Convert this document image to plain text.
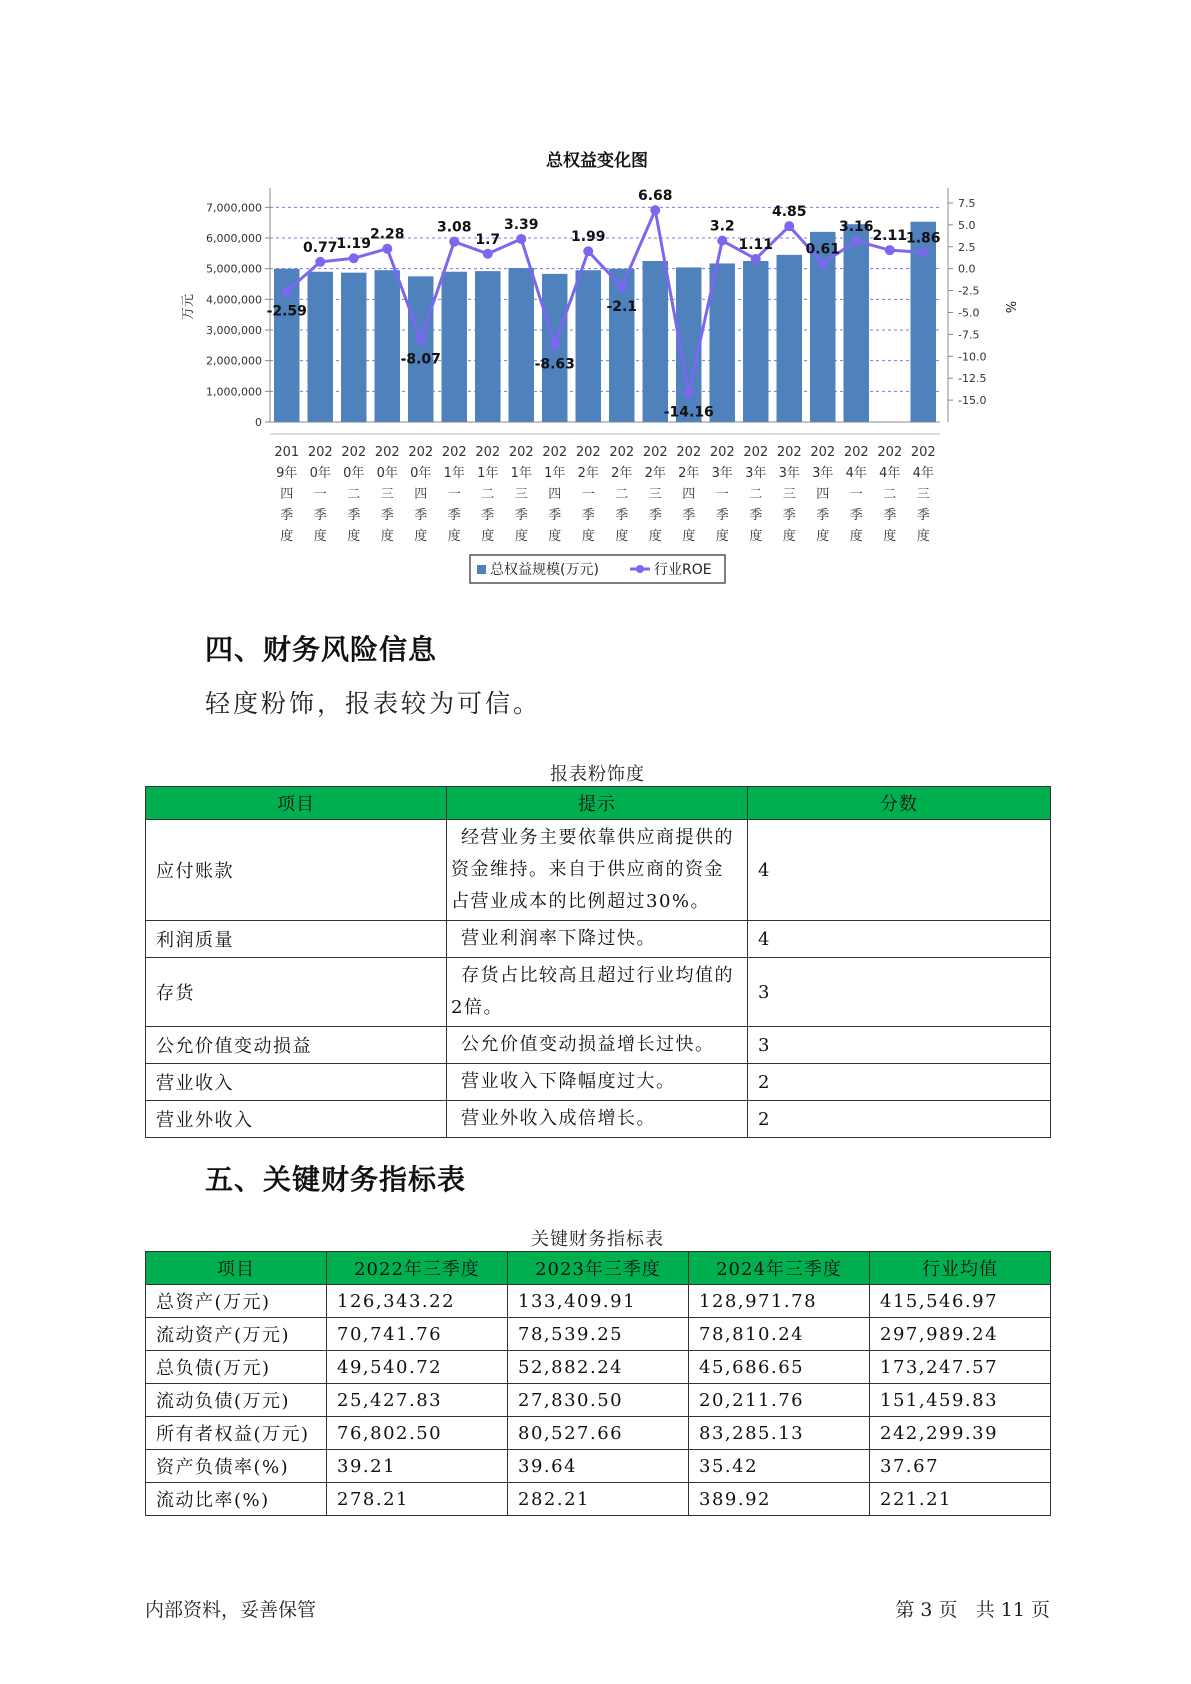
总权益变化图
0
1,000,000
2,000,000
3,000,000
4,000,000
5,000,000
6,000,000
7,000,000	7.5
5.0
2.5
0.0
-2.5
-5.0
-7.5
-10.0
-12.5
-15.0
万元	%
201
9年
四
季
度
202
0年
一
季
度
202
0年
二
季
度
202
0年
三
季
度
202
0年
四
季
度
202
1年
一
季
度
202
1年
二
季
度
202
1年
三
季
度
202
1年
四
季
度
202
2年
一
季
度
202
2年
二
季
度
202
2年
三
季
度
202
2年
四
季
度
202
3年
一
季
度
202
3年
二
季
度
202
3年
三
季
度
202
3年
四
季
度
202
4年
一
季
度
202
4年
二
季
度
202
4年
三
季
度
-2.59
0.77
1.19
2.28
-8.07
3.08
1.7
3.39
-8.63
1.99
-2.1
6.68
-14.16
3.2
1.11
4.85
0.61
3.16
2.11
1.86
总权益规模(万元)	行业ROE
四、财务风险信息
轻度粉饰，报表较为可信。
报表粉饰度
项目	提示	分数
应付账款	经营业务主要依靠供应商提供的资金维持。来自于供应商的资金占营业成本的比例超过30%。	4
利润质量	营业利润率下降过快。	4
存货	存货占比较高且超过行业均值的2倍。	3
公允价值变动损益	公允价值变动损益增长过快。	3
营业收入	营业收入下降幅度过大。	2
营业外收入	营业外收入成倍增长。	2
五、关键财务指标表
关键财务指标表
项目	2022年三季度	2023年三季度	2024年三季度	行业均值
总资产(万元)	126,343.22	133,409.91	128,971.78	415,546.97
流动资产(万元)	70,741.76	78,539.25	78,810.24	297,989.24
总负债(万元)	49,540.72	52,882.24	45,686.65	173,247.57
流动负债(万元)	25,427.83	27,830.50	20,211.76	151,459.83
所有者权益(万元)	76,802.50	80,527.66	83,285.13	242,299.39
资产负债率(%)	39.21	39.64	35.42	37.67
流动比率(%)	278.21	282.21	389.92	221.21
内部资料，妥善保管	第 3 页 共 11 页
